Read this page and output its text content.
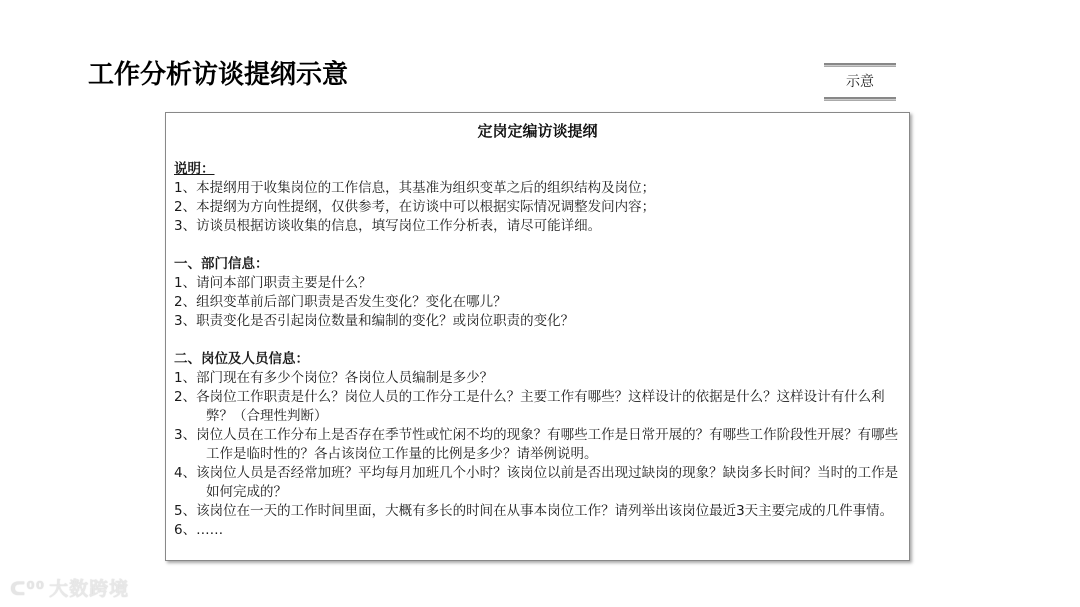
工作分析访谈提纲示意	示意
定岗定编访谈提纲
说明：
1、本提纲用于收集岗位的工作信息，其基准为组织变革之后的组织结构及岗位；
2、本提纲为方向性提纲，仅供参考，在访谈中可以根据实际情况调整发问内容；
3、访谈员根据访谈收集的信息，填写岗位工作分析表，请尽可能详细。
一、部门信息：
1、请问本部门职责主要是什么？
2、组织变革前后部门职责是否发生变化？变化在哪儿？
3、职责变化是否引起岗位数量和编制的变化？或岗位职责的变化？
二、岗位及人员信息：
1、部门现在有多少个岗位？各岗位人员编制是多少？
2、各岗位工作职责是什么？岗位人员的工作分工是什么？主要工作有哪些？这样设计的依据是什么？这样设计有什么利弊？（合理性判断）
3、岗位人员在工作分布上是否存在季节性或忙闲不均的现象？有哪些工作是日常开展的？有哪些工作阶段性开展？有哪些工作是临时性的？各占该岗位工作量的比例是多少？请举例说明。
4、该岗位人员是否经常加班？平均每月加班几个小时？该岗位以前是否出现过缺岗的现象？缺岗多长时间？当时的工作是如何完成的？
5、该岗位在一天的工作时间里面，大概有多长的时间在从事本岗位工作？请列举出该岗位最近3天主要完成的几件事情。
6、……
ᑕ⁰⁰ 大数跨境
